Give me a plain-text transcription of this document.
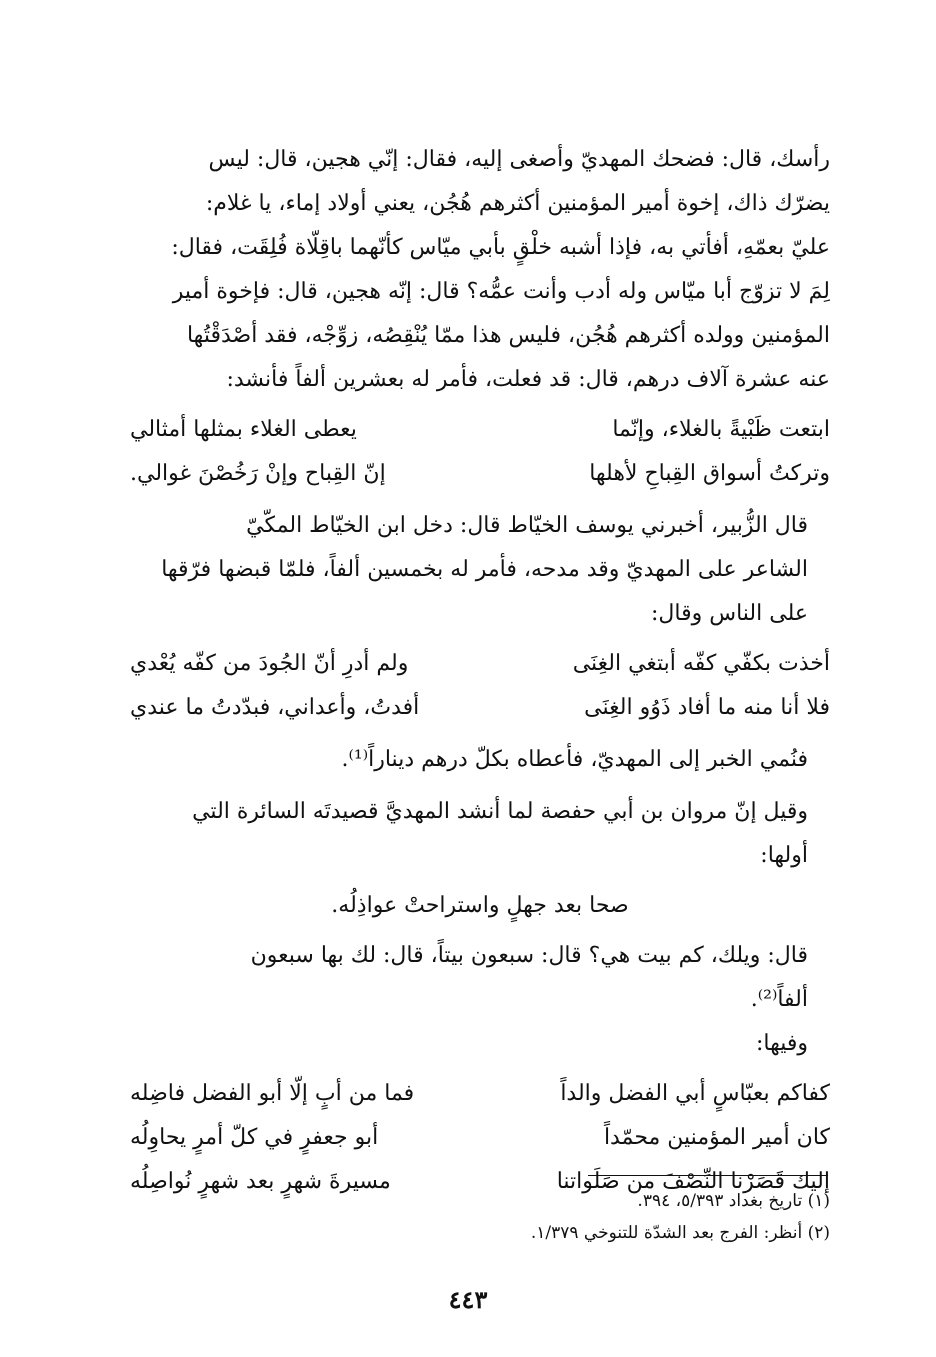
رأسك، قال: فضحك المهديّ وأصغى إليه، فقال: إنّي هجين، قال: ليس
يضرّك ذاك، إخوة أمير المؤمنين أكثرهم هُجُن، يعني أولاد إماء، يا غلام:
عليّ بعمّهِ، أفأتي به، فإذا أشبه خلْقٍ بأبي ميّاس كأنّهما باقِلّاة فُلِقَت، فقال:
لِمَ لا تزوّج أبا ميّاس وله أدب وأنت عمُّه؟ قال: إنّه هجين، قال: فإخوة أمير
المؤمنين وولده أكثرهم هُجُن، فليس هذا ممّا يُنْقِصُه، زوِّجْه، فقد أصْدَقْتُها
عنه عشرة آلاف درهم، قال: قد فعلت، فأمر له بعشرين ألفاً فأنشد:
ابتعت ظَبْيةً بالغلاء، وإنّما
يعطى الغلاء بمثلها أمثالي
وتركتُ أسواق القِباحِ لأهلها
إنّ القِباح وإنْ رَخُصْنَ غوالي.
قال الزُّبير، أخبرني يوسف الخيّاط قال: دخل ابن الخيّاط المكّيّ
الشاعر على المهديّ وقد مدحه، فأمر له بخمسين ألفاً، فلمّا قبضها فرّقها
على الناس وقال:
أخذت بكفّي كفّه أبتغي الغِنَى
ولم أدرِ أنّ الجُودَ من كفّه يُعْدي
فلا أنا منه ما أفاد ذَوُو الغِنَى
أفدتُ، وأعداني، فبدّدتُ ما عندي
فنُمي الخبر إلى المهديّ، فأعطاه بكلّ درهم ديناراً⁽¹⁾.
وقيل إنّ مروان بن أبي حفصة لما أنشد المهديَّ قصيدتَه السائرة التي
أولها:
صحا بعد جهلٍ واستراحتْ عواذِلُه.
قال: ويلك، كم بيت هي؟ قال: سبعون بيتاً، قال: لك بها سبعون
ألفاً⁽²⁾.
وفيها:
كفاكم بعبّاسٍ أبي الفضل والداً
فما من أبٍ إلّا أبو الفضل فاضِله
كان أمير المؤمنين محمّداً
أبو جعفرٍ في كلّ أمرٍ يحاوِلُه
إليك قَصَرْنا النِّصْفَ من صَلَواتنا
مسيرةَ شهرٍ بعد شهرٍ نُواصِلُه
(١) تاريخ بغداد ٥/٣٩٣، ٣٩٤.
(٢) أنظر: الفرج بعد الشدّة للتنوخي ١/٣٧٩.
٤٤٣
